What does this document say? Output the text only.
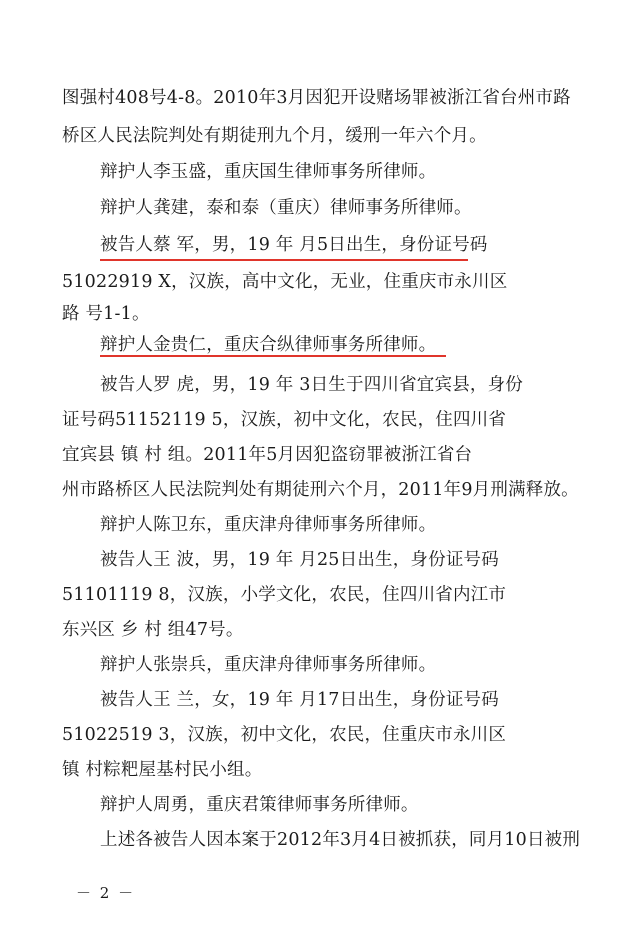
图强村408号4-8。2010年3月因犯开设赌场罪被浙江省台州市路
桥区人民法院判处有期徒刑九个月，缓刑一年六个月。
辩护人李玉盛，重庆国生律师事务所律师。
辩护人龚建，泰和泰（重庆）律师事务所律师。
被告人蔡 军，男，19 年 月5日出生，身份证号码
51022919 X，汉族，高中文化，无业，住重庆市永川区
路 号1-1。
辩护人金贵仁，重庆合纵律师事务所律师。
被告人罗 虎，男，19 年 3日生于四川省宜宾县，身份
证号码51152119 5，汉族，初中文化，农民，住四川省
宜宾县 镇 村 组。2011年5月因犯盗窃罪被浙江省台
州市路桥区人民法院判处有期徒刑六个月，2011年9月刑满释放。
辩护人陈卫东，重庆津舟律师事务所律师。
被告人王 波，男，19 年 月25日出生，身份证号码
51101119 8，汉族，小学文化，农民，住四川省内江市
东兴区 乡 村 组47号。
辩护人张崇兵，重庆津舟律师事务所律师。
被告人王 兰，女，19 年 月17日出生，身份证号码
51022519 3，汉族，初中文化，农民，住重庆市永川区
镇 村粽粑屋基村民小组。
辩护人周勇，重庆君策律师事务所律师。
上述各被告人因本案于2012年3月4日被抓获，同月10日被刑
－ 2 －
